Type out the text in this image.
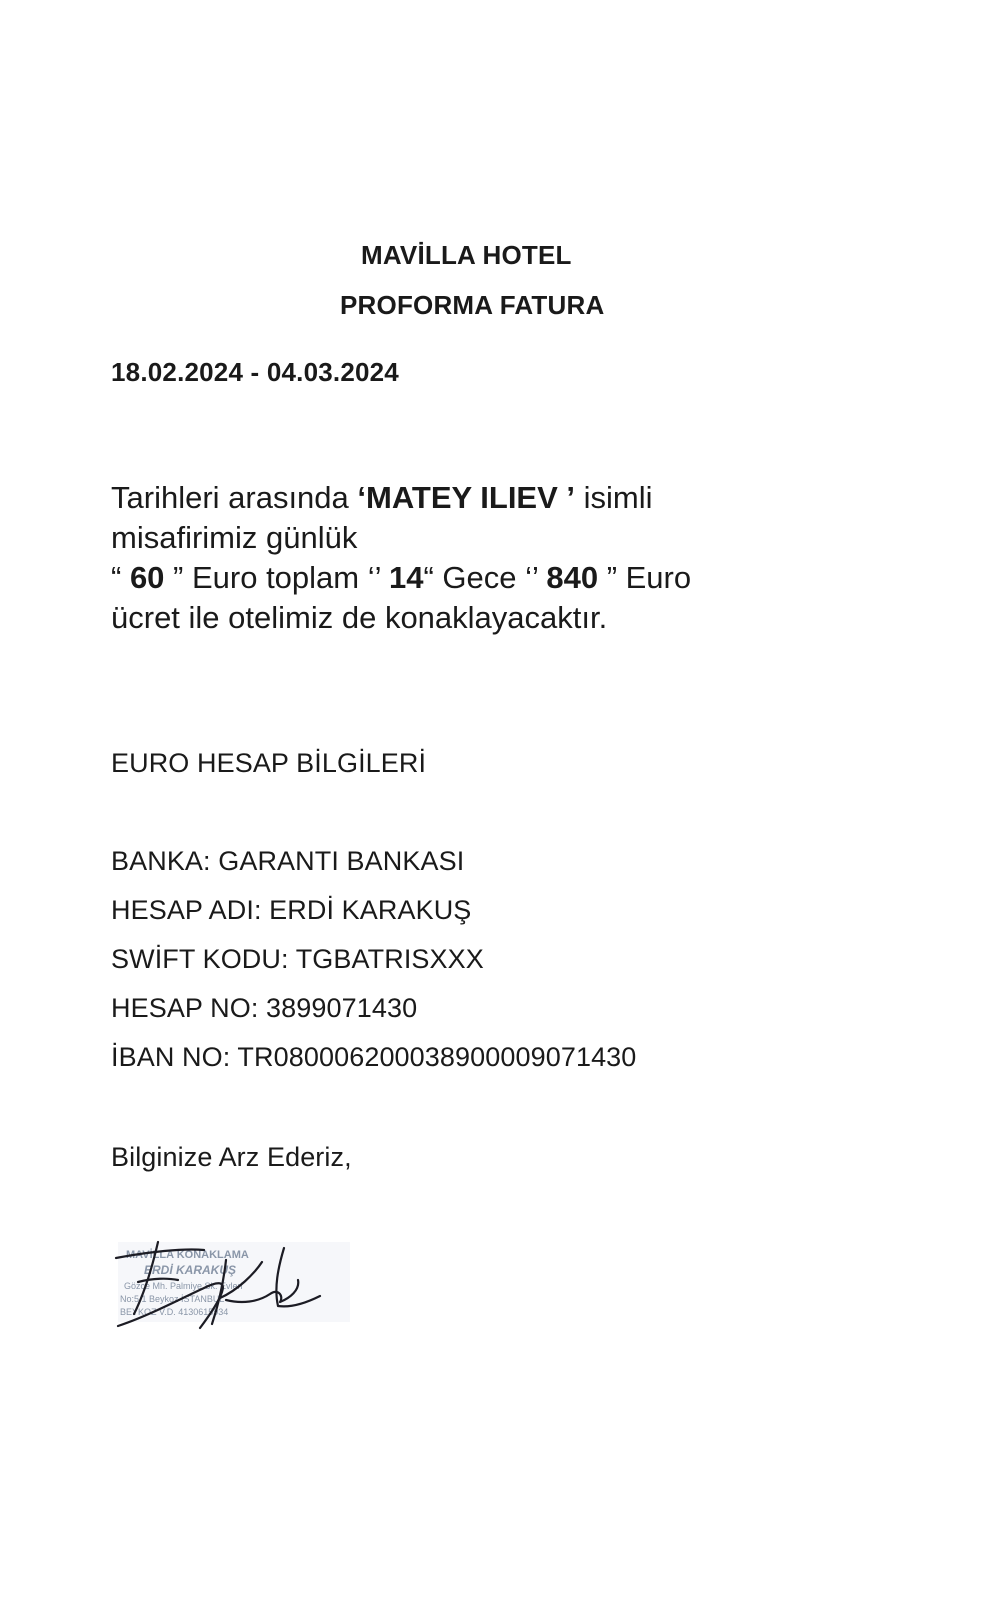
MAVİLLA HOTEL
PROFORMA FATURA
18.02.2024 - 04.03.2024
Tarihleri arasında ‘MATEY ILIEV ’ isimli
misafirimiz günlük
“ 60 ” Euro toplam ‘’ 14“ Gece ‘’ 840 ” Euro
ücret ile otelimiz de konaklayacaktır.
EURO HESAP BİLGİLERİ
BANKA: GARANTI BANKASI
HESAP ADI: ERDİ KARAKUŞ
SWİFT KODU: TGBATRISXXX
HESAP NO: 3899071430
İBAN NO: TR080006200038900009071430
Bilginize Arz Ederiz,
MAVİLLA KONAKLAMA
ERDİ KARAKUŞ
Gözce Mh. Palmiye Sk. Evleri
No:5/1 Beykoz İSTANBUL
BEYKOZ V.D. 4130615934
